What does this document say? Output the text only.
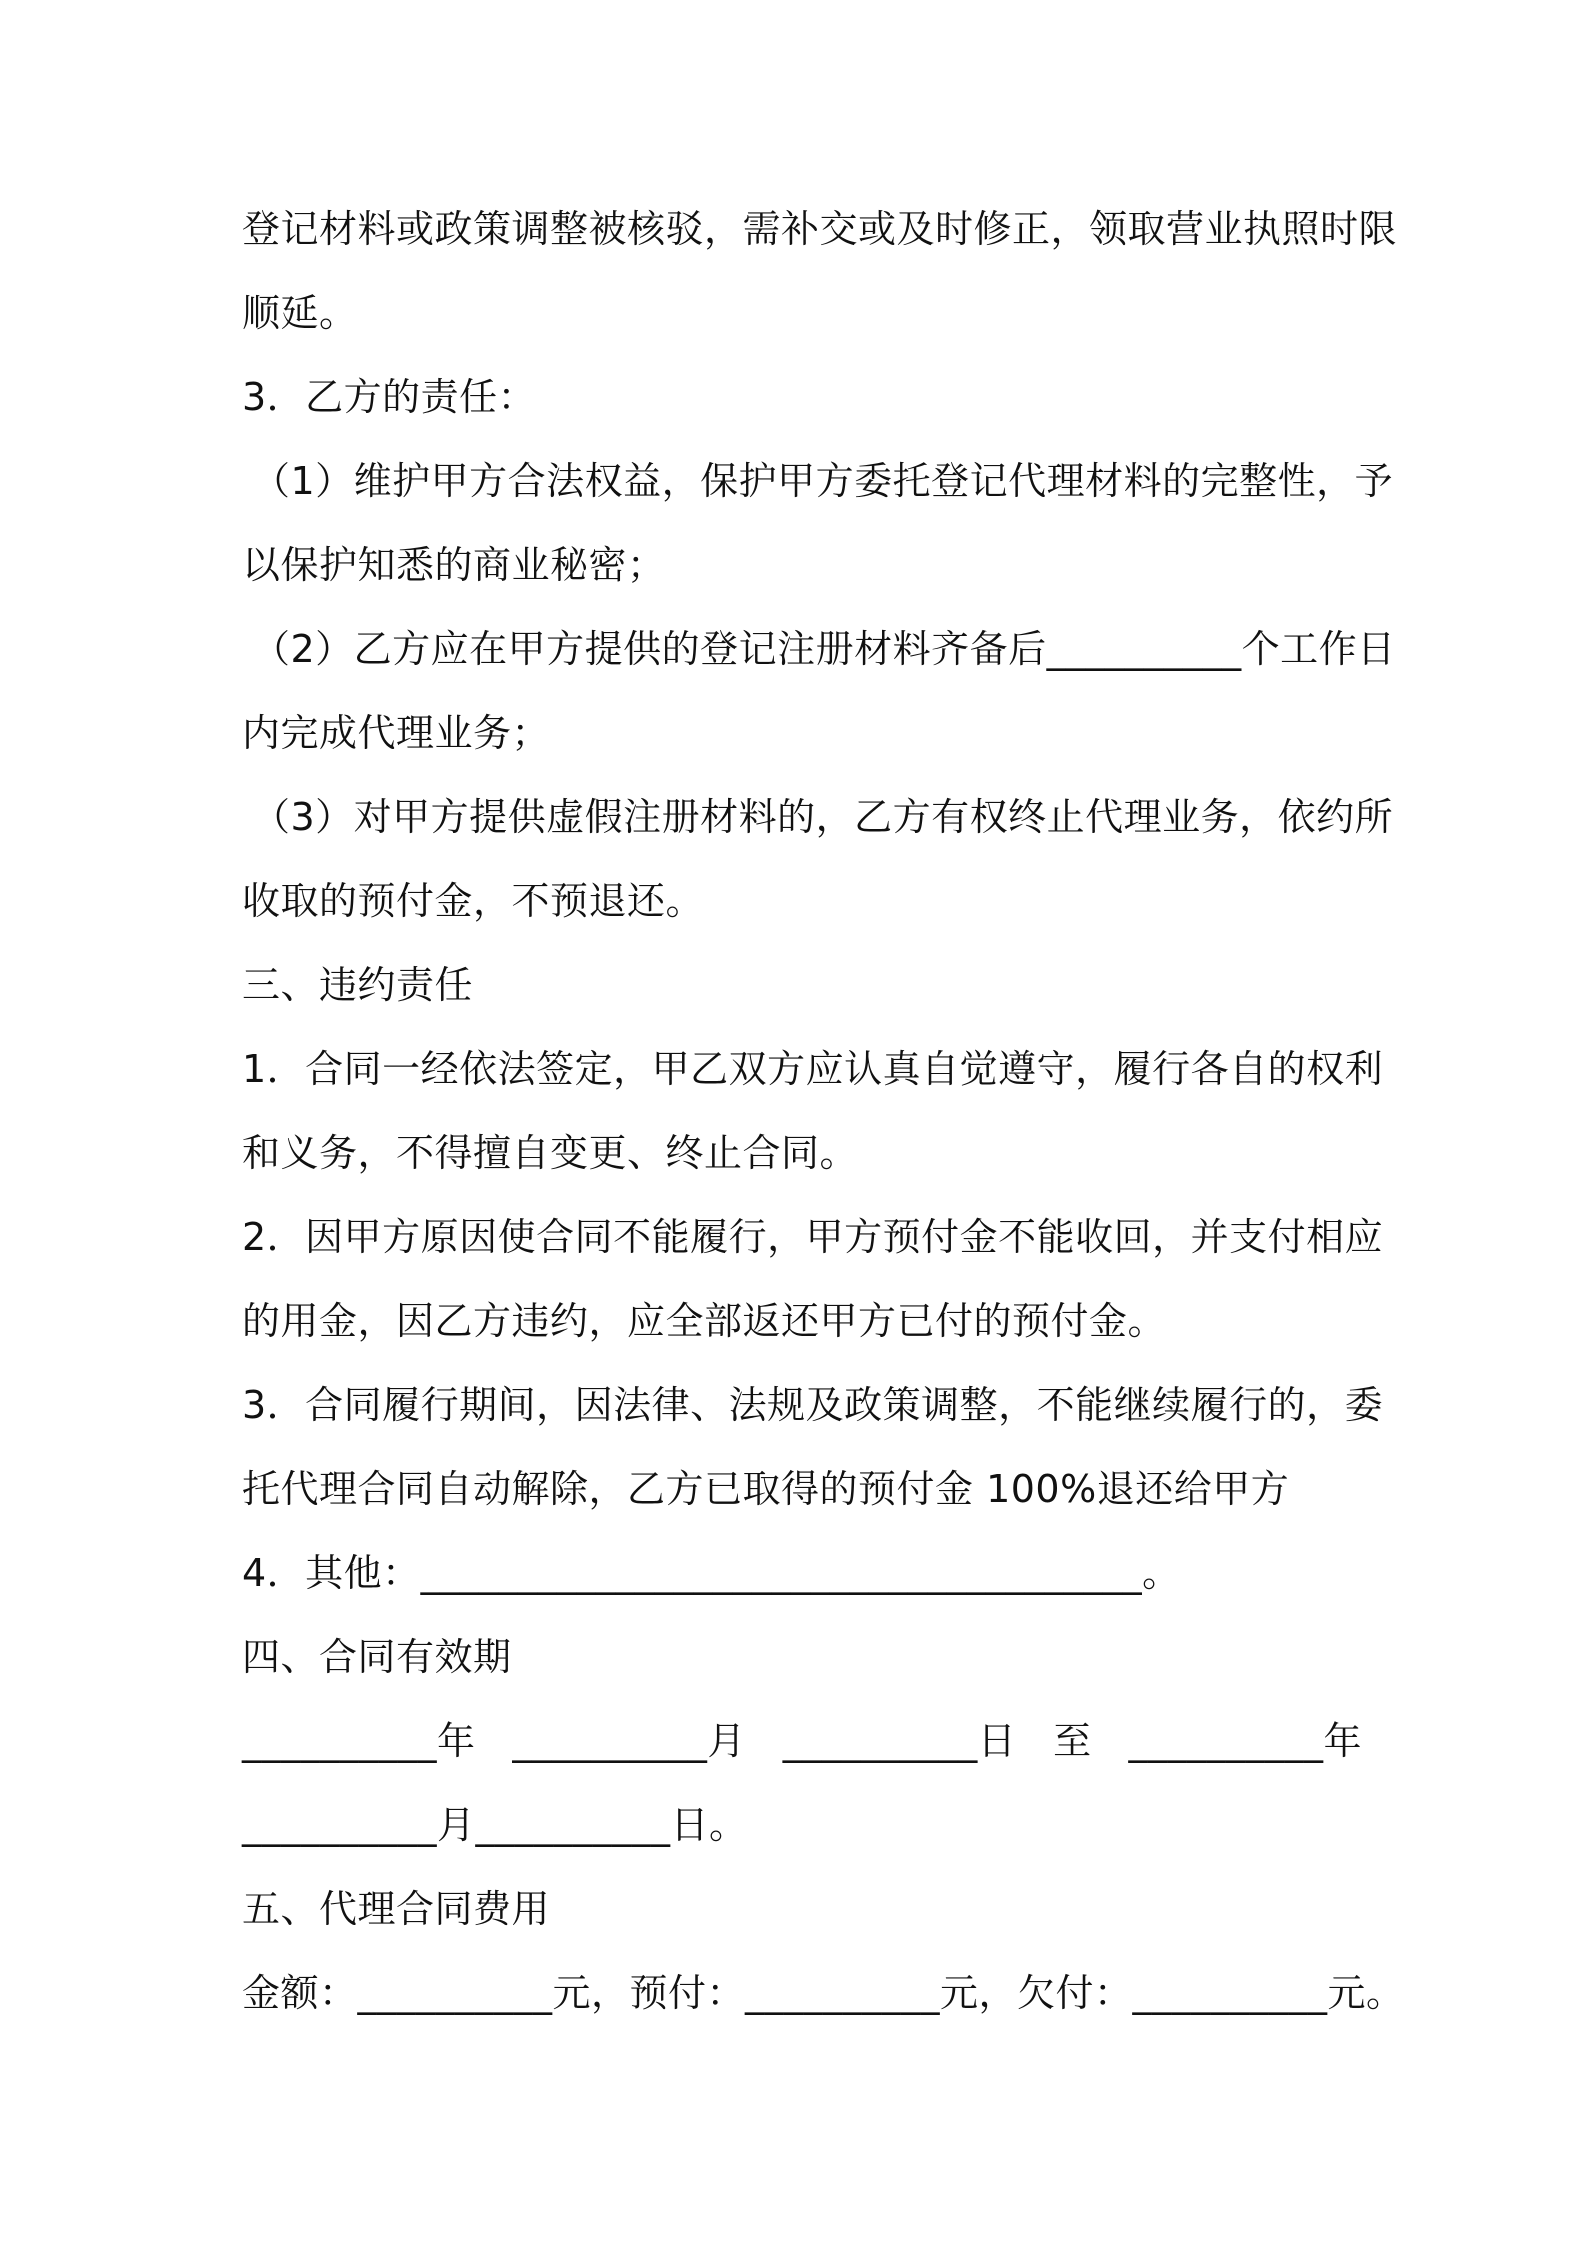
登记材料或政策调整被核驳，需补交或及时修正，领取营业执照时限
顺延。
3．乙方的责任：
（1）维护甲方合法权益，保护甲方委托登记代理材料的完整性，予
以保护知悉的商业秘密；
（2）乙方应在甲方提供的登记注册材料齐备后__________个工作日
内完成代理业务；
（3）对甲方提供虚假注册材料的，乙方有权终止代理业务，依约所
收取的预付金，不预退还。
三、违约责任
1．合同一经依法签定，甲乙双方应认真自觉遵守，履行各自的权利
和义务，不得擅自变更、终止合同。
2．因甲方原因使合同不能履行，甲方预付金不能收回，并支付相应
的用金，因乙方违约，应全部返还甲方已付的预付金。
3．合同履行期间，因法律、法规及政策调整，不能继续履行的，委
托代理合同自动解除，乙方已取得的预付金 100%退还给甲方
4．其他：_____________________________________。
四、合同有效期
__________年 __________月 __________日 至 __________年
__________月__________日。
五、代理合同费用
金额：__________元，预付：__________元，欠付：__________元。
